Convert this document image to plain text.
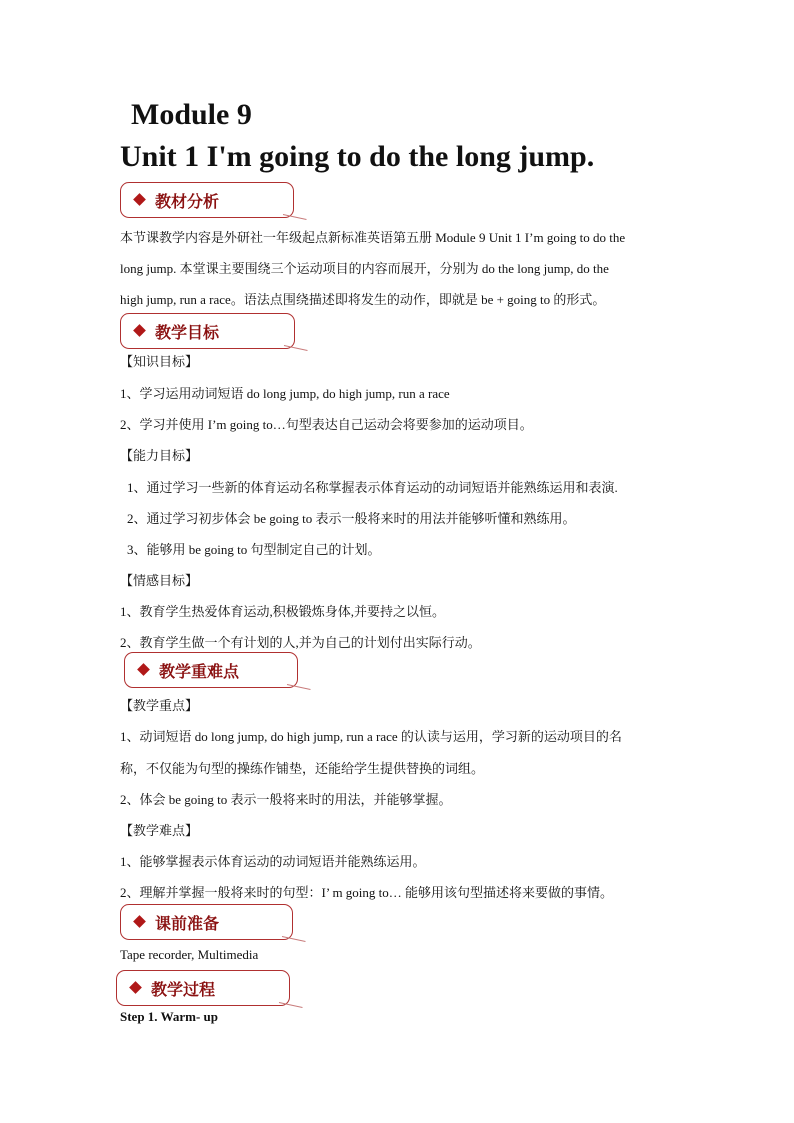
Module 9
Unit 1 I'm going to do the long jump.
教材分析
本节课教学内容是外研社一年级起点新标准英语第五册 Module 9 Unit 1 I’m going to do the
long jump. 本堂课主要围绕三个运动项目的内容而展开，分别为 do the long jump, do the
high jump, run a race。语法点围绕描述即将发生的动作，即就是 be + going to 的形式。
教学目标
【知识目标】
1、学习运用动词短语 do long jump, do high jump, run a race
2、学习并使用 I’m going to…句型表达自己运动会将要参加的运动项目。
【能力目标】
1、通过学习一些新的体育运动名称掌握表示体育运动的动词短语并能熟练运用和表演.
2、通过学习初步体会 be going to 表示一般将来时的用法并能够听懂和熟练用。
3、能够用 be going to 句型制定自己的计划。
【情感目标】
1、教育学生热爱体育运动,积极锻炼身体,并要持之以恒。
2、教育学生做一个有计划的人,并为自己的计划付出实际行动。
教学重难点
【教学重点】
1、动词短语 do long jump, do high jump, run a race 的认读与运用，学习新的运动项目的名
称，不仅能为句型的操练作铺垫，还能给学生提供替换的词组。
2、体会 be going to 表示一般将来时的用法，并能够掌握。
【教学难点】
1、能够掌握表示体育运动的动词短语并能熟练运用。
2、理解并掌握一般将来时的句型：I’ m going to… 能够用该句型描述将来要做的事情。
课前准备
Tape recorder, Multimedia
教学过程
Step 1. Warm- up
